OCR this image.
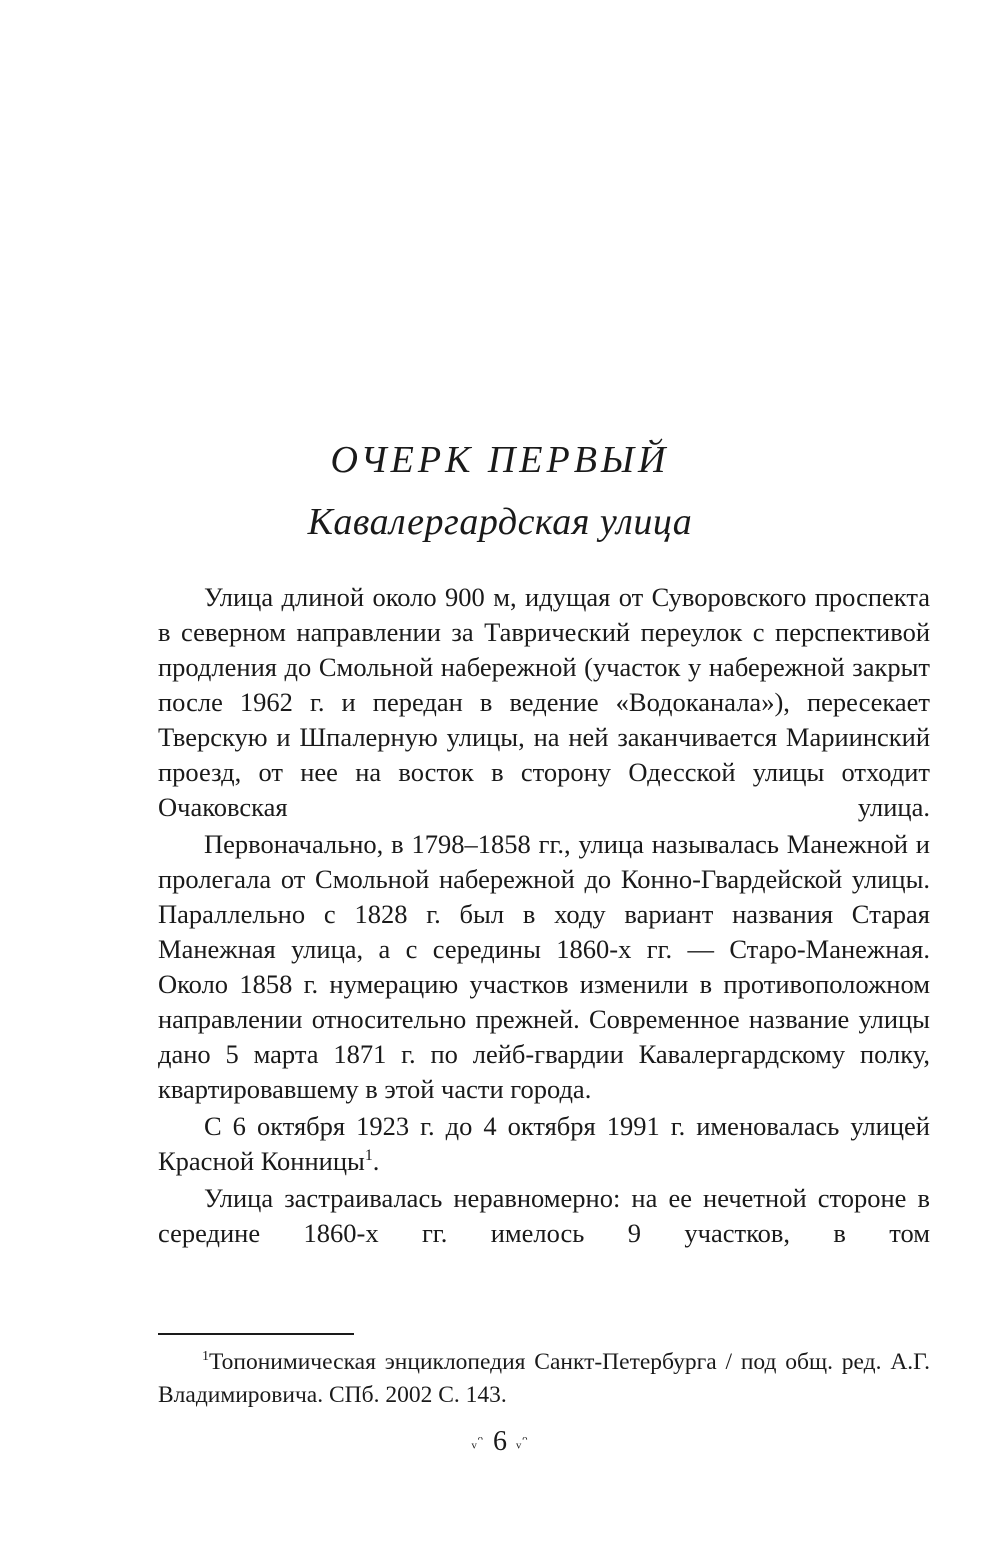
ОЧЕРК ПЕРВЫЙ
Кавалергардская улица

Улица длиной около 900 м, идущая от Суворовского проспекта в северном направлении за Таврический переулок с перспективой продления до Смольной набережной (участок у набережной закрыт после 1962 г. и передан в ведение «Водоканала»), пересекает Тверскую и Шпалерную улицы, на ней заканчивается Мариинский проезд, от нее на восток в сторону Одесской улицы отходит Очаковская улица.

Первоначально, в 1798–1858 гг., улица называлась Манежной и пролегала от Смольной набережной до Конно-Гвардейской улицы. Параллельно с 1828 г. был в ходу вариант названия Старая Манежная улица, а с середины 1860-х гг. — Старо-Манежная. Около 1858 г. нумерацию участков изменили в противоположном направлении относительно прежней. Современное название улицы дано 5 марта 1871 г. по лейб-гвардии Кавалергардскому полку, квартировавшему в этой части города.

С 6 октября 1923 г. до 4 октября 1991 г. именовалась улицей Красной Конницы$^1$.

Улица застраивалась неравномерно: на ее нечетной стороне в середине 1860-х гг. имелось 9 участков, в том

$^1$Топонимическая энциклопедия Санкт-Петербурга / под общ. ред. А.Г. Владимировича. СПб. 2002 С. 143.

ᵥᵔ 6 ᵥᵔ
